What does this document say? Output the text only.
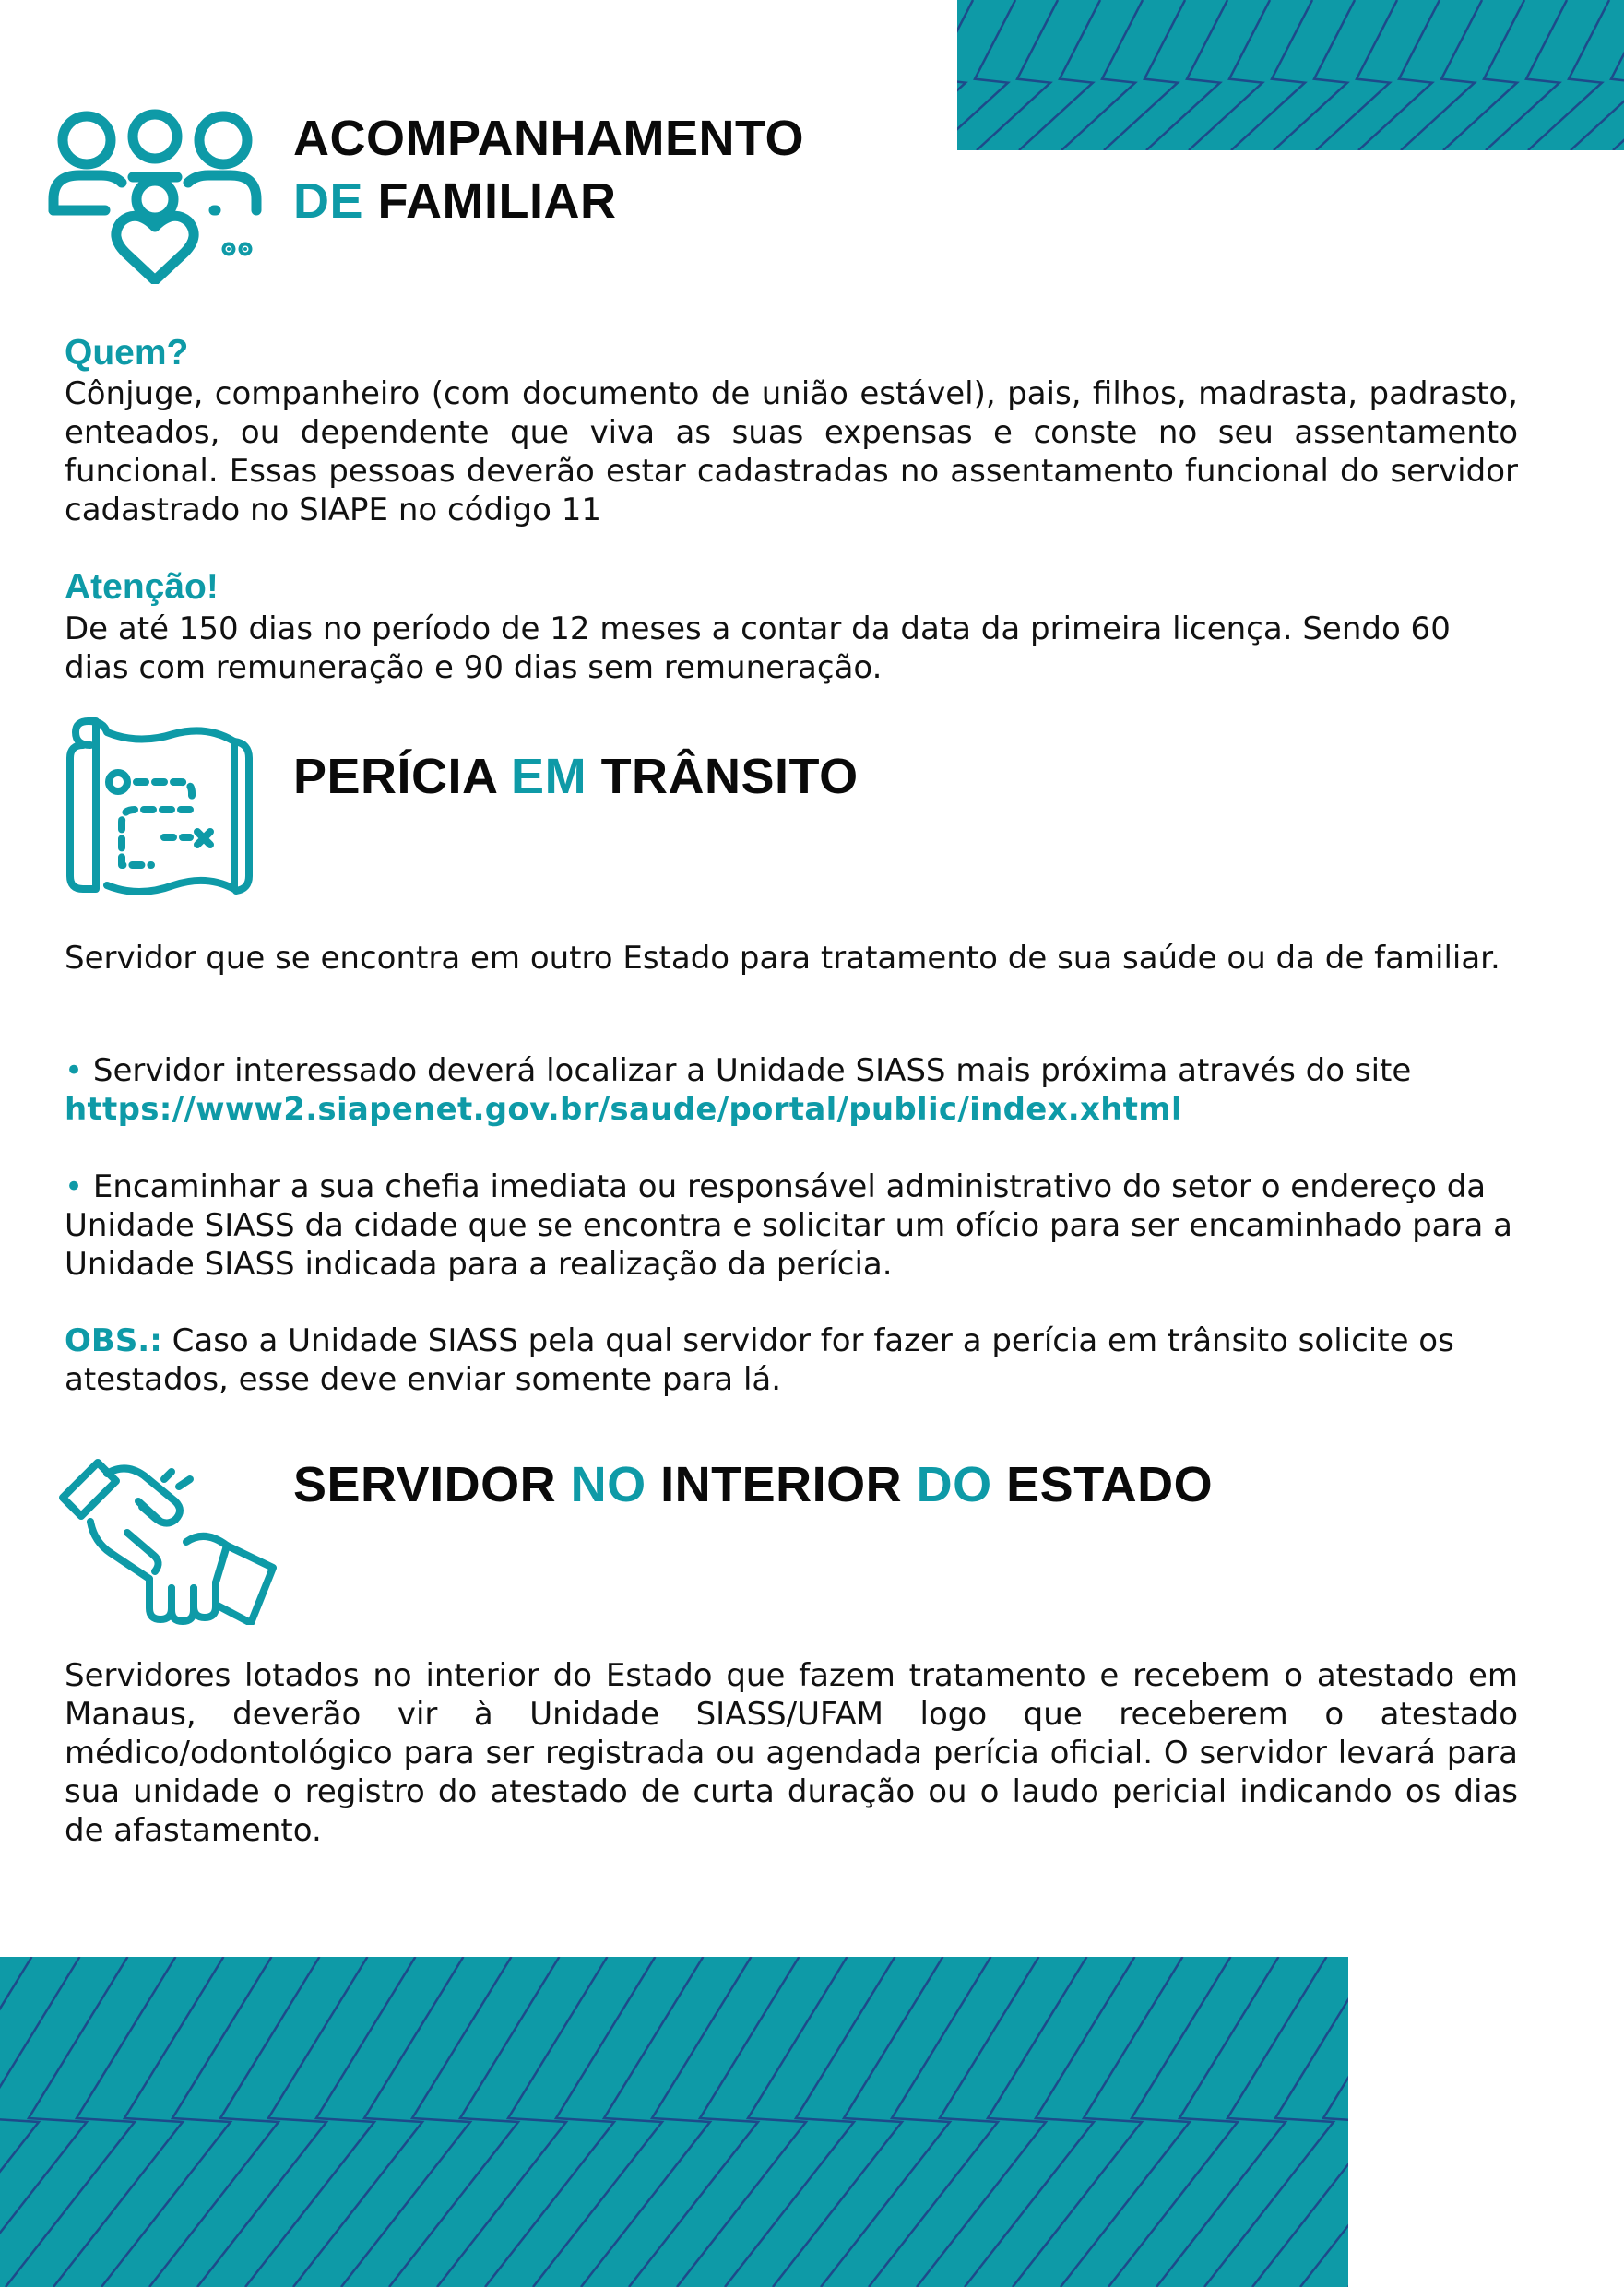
ACOMPANHAMENTO
DE FAMILIAR
Quem?

Cônjuge, companheiro (com documento de união estável), pais, filhos, madrasta, padrasto, enteados, ou dependente que viva as suas expensas e conste no seu assentamento funcional. Essas pessoas deverão estar cadastradas no assentamento funcional do servidor cadastrado no SIAPE no código 11

Atenção!

De até 150 dias no período de 12 meses a contar da data da primeira licença. Sendo 60 dias com remuneração e 90 dias sem remuneração.

PERÍCIA EM TRÂNSITO

Servidor que se encontra em outro Estado para tratamento de sua saúde ou da de familiar.

• Servidor interessado deverá localizar a Unidade SIASS mais próxima através do site
https://www2.siapenet.gov.br/saude/portal/public/index.xhtml

• Encaminhar a sua chefia imediata ou responsável administrativo do setor o endereço da Unidade SIASS da cidade que se encontra e solicitar um ofício para ser encaminhado para a Unidade SIASS indicada para a realização da perícia.

OBS.: Caso a Unidade SIASS pela qual servidor for fazer a perícia em trânsito solicite os atestados, esse deve enviar somente para lá.

SERVIDOR NO INTERIOR DO ESTADO

Servidores lotados no interior do Estado que fazem tratamento e recebem o atestado em Manaus, deverão vir à Unidade SIASS/UFAM logo que receberem o atestado médico/odontológico para ser registrada ou agendada perícia oficial. O servidor levará para sua unidade o registro do atestado de curta duração ou o laudo pericial indicando os dias de afastamento.
